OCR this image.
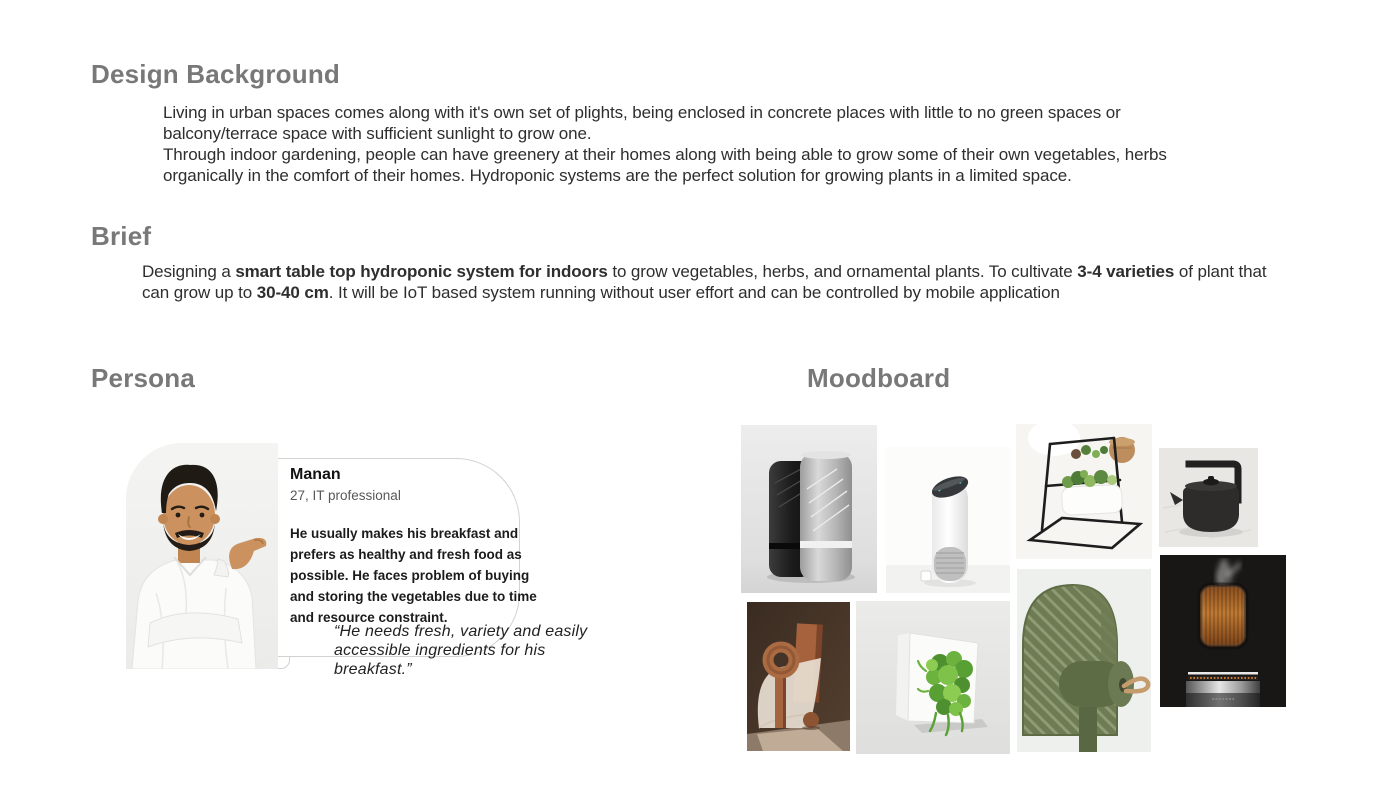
Design Background
Living in urban spaces comes along with it's own set of plights, being enclosed in concrete places with little to no green spaces or balcony/terrace space with sufficient sunlight to grow one.
Through indoor gardening, people can have greenery at their homes along with being able to grow some of their own vegetables, herbs organically in the comfort of their homes. Hydroponic systems are the perfect solution for growing plants in a limited space.
Brief
Designing a smart table top hydroponic system for indoors to grow vegetables, herbs, and ornamental plants. To cultivate 3-4 varieties of plant that can grow up to 30-40 cm. It will be IoT based system running without user effort and can be controlled by mobile application
Persona
Manan
27, IT professional
He usually makes his breakfast and prefers as healthy and fresh food as possible. He faces problem of buying and storing the vegetables due to time and resource constraint.
“He needs fresh, variety and easily accessible ingredients for his breakfast.”
Moodboard
